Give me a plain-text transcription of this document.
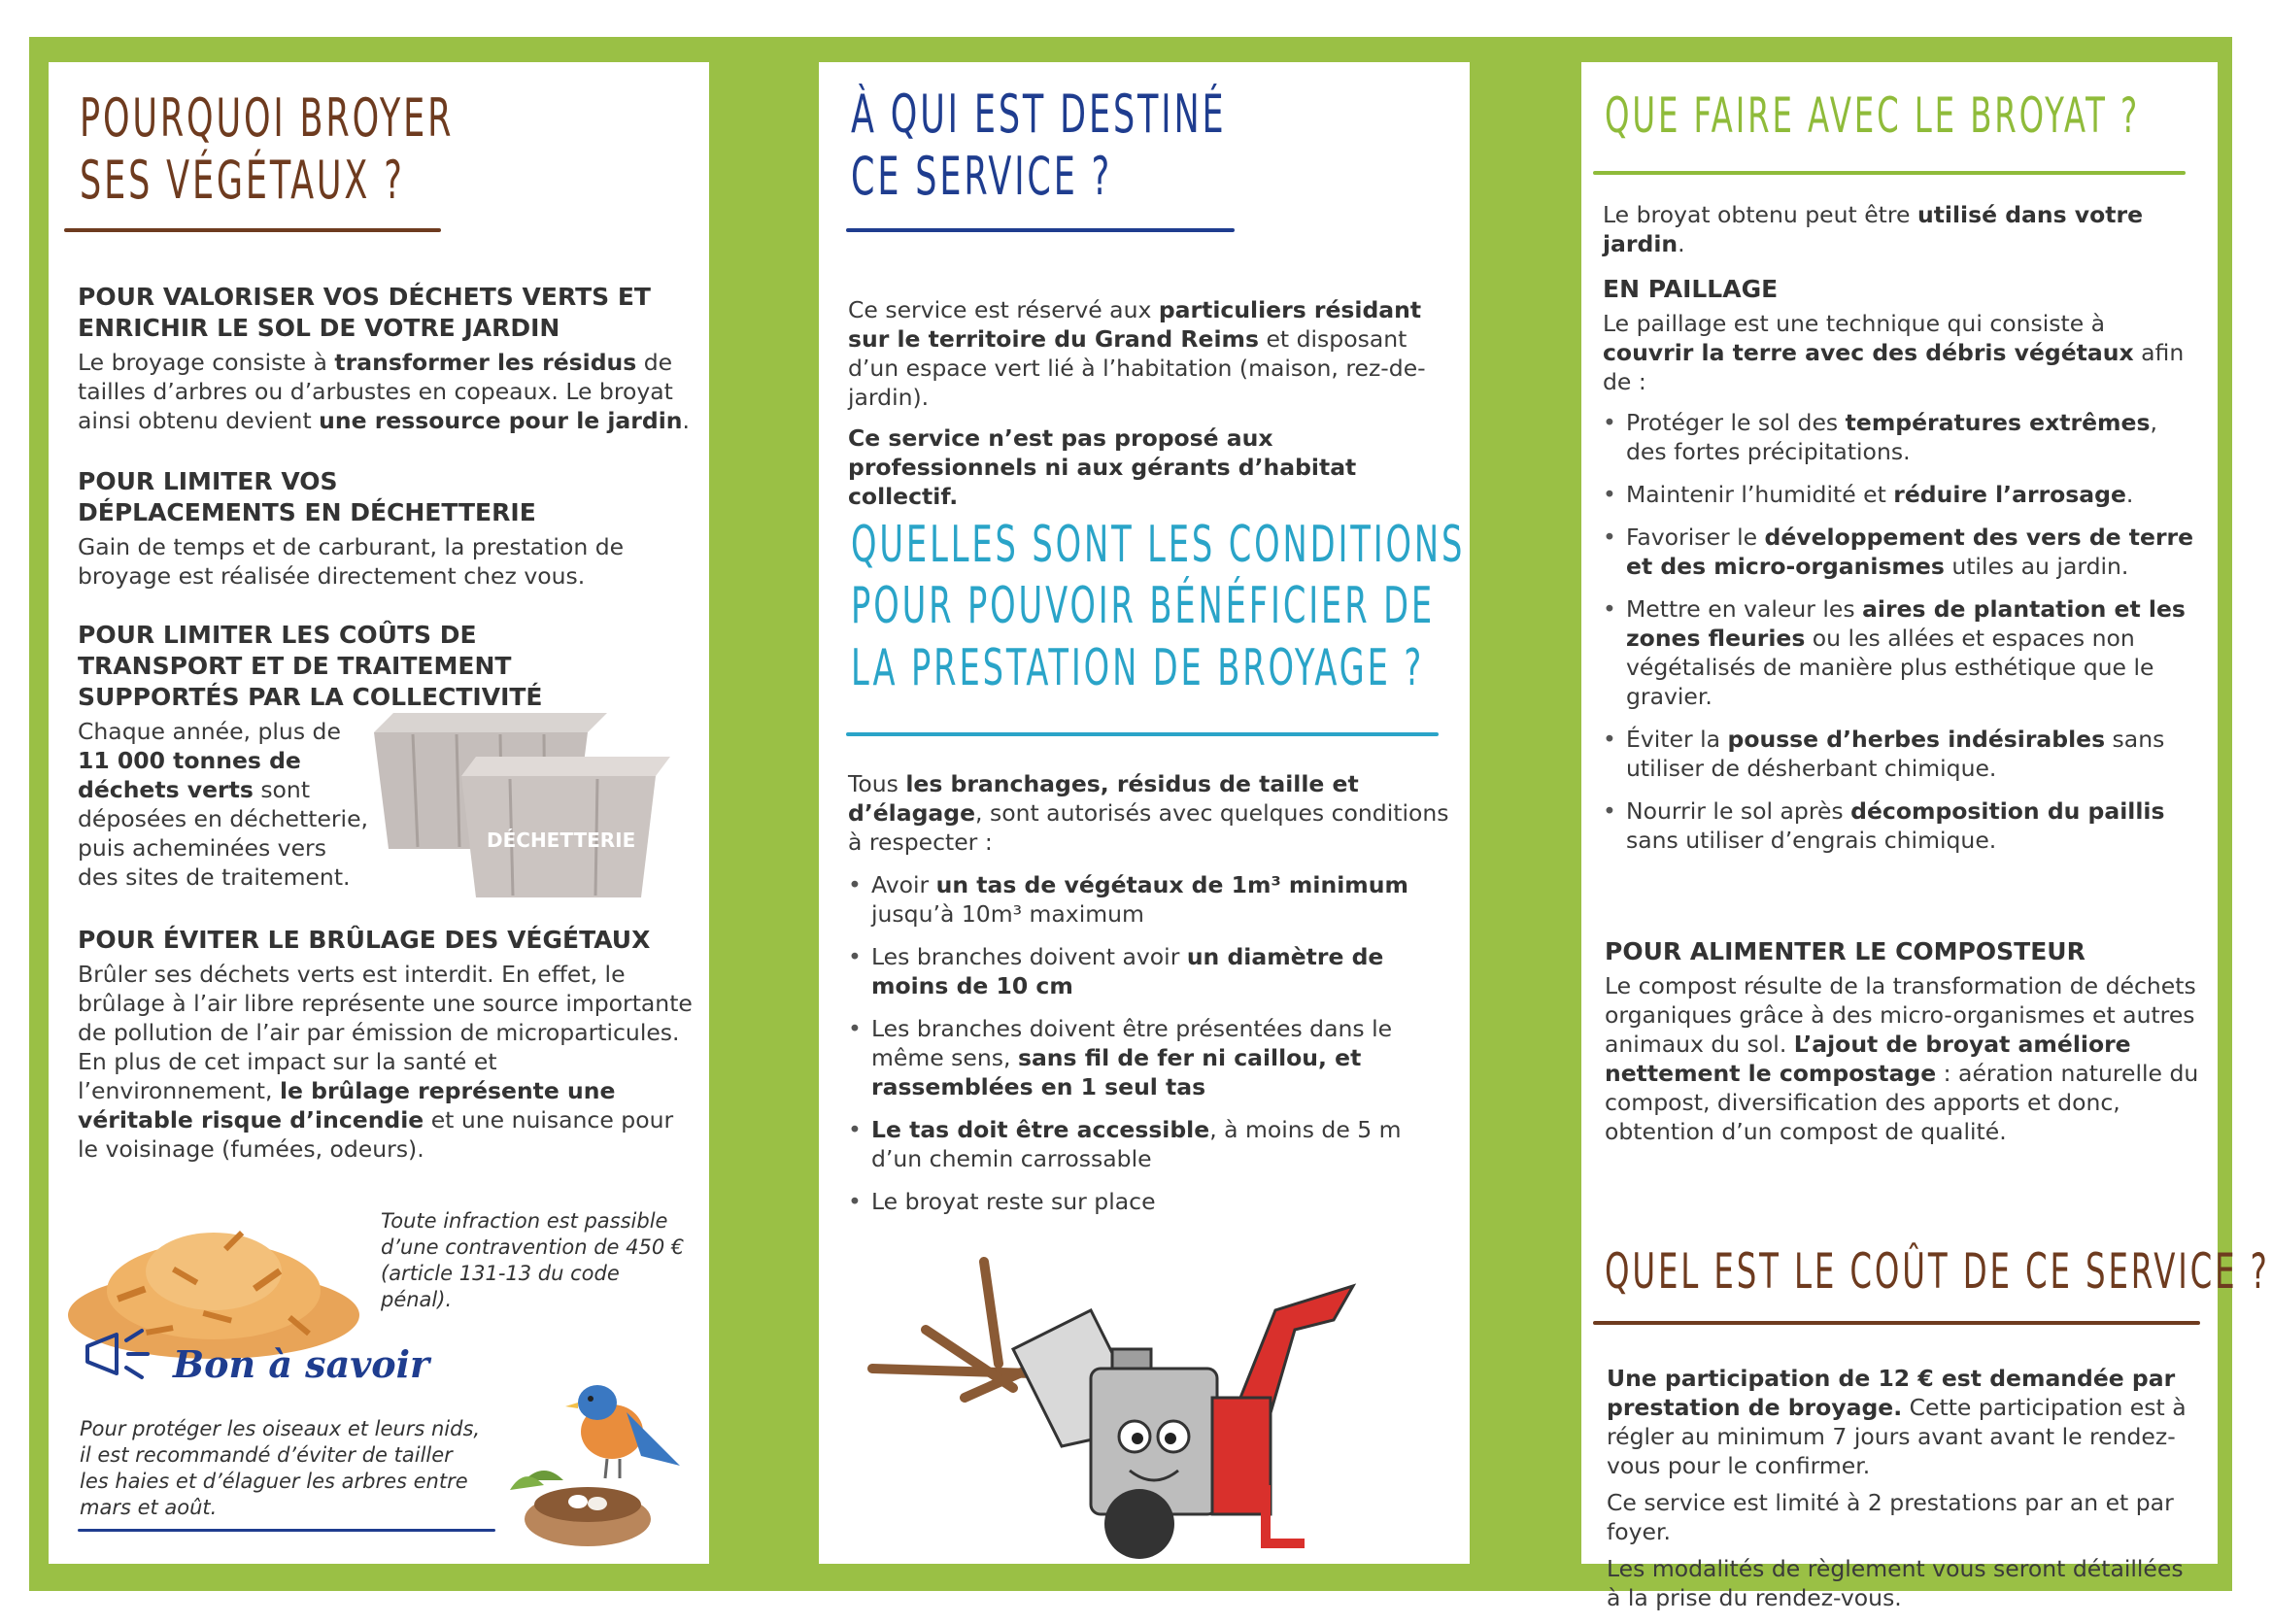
POURQUOI BROYER
SES VÉGÉTAUX ?
POUR VALORISER VOS DÉCHETS VERTS ET ENRICHIR LE SOL DE VOTRE JARDIN

Le broyage consiste à transformer les résidus de tailles d’arbres ou d’arbustes en copeaux. Le broyat ainsi obtenu devient une ressource pour le jardin.

POUR LIMITER VOS DÉPLACEMENTS EN DÉCHETTERIE

Gain de temps et de carburant, la prestation de broyage est réalisée directement chez vous.

POUR LIMITER LES COÛTS DE TRANSPORT ET DE TRAITEMENT SUPPORTÉS PAR LA COLLECTIVITÉ

Chaque année, plus de 11 000 tonnes de déchets verts sont déposées en déchetterie, puis acheminées vers des sites de traitement.

DÉCHETTERIE
POUR ÉVITER LE BRÛLAGE DES VÉGÉTAUX

Brûler ses déchets verts est interdit. En effet, le brûlage à l’air libre représente une source importante de pollution de l’air par émission de microparticules. En plus de cet impact sur la santé et l’environnement, le brûlage représente une véritable risque d’incendie et une nuisance pour le voisinage (fumées, odeurs).

Toute infraction est passible d’une contravention de 450 € (article 131-13 du code pénal).
Bon à savoir
Pour protéger les oiseaux et leurs nids, il est recommandé d’éviter de tailler les haies et d’élaguer les arbres entre mars et août.
À QUI EST DESTINÉ
CE SERVICE ?

Ce service est réservé aux particuliers résidant sur le territoire du Grand Reims et disposant d’un espace vert lié à l’habitation (maison, rez-de-jardin).

Ce service n’est pas proposé aux professionnels ni aux gérants d’habitat collectif.

QUELLES SONT LES CONDITIONS
POUR POUVOIR BÉNÉFICIER DE
LA PRESTATION DE BROYAGE ?

Tous les branchages, résidus de taille et d’élagage, sont autorisés avec quelques conditions à respecter :

• Avoir un tas de végétaux de 1m³ minimum jusqu’à 10m³ maximum
• Les branches doivent avoir un diamètre de moins de 10 cm
• Les branches doivent être présentées dans le même sens, sans fil de fer ni caillou, et rassemblées en 1 seul tas
• Le tas doit être accessible, à moins de 5 m d’un chemin carrossable
• Le broyat reste sur place
QUE FAIRE AVEC LE BROYAT ?

Le broyat obtenu peut être utilisé dans votre jardin.

EN PAILLAGE

Le paillage est une technique qui consiste à couvrir la terre avec des débris végétaux afin de :

• Protéger le sol des températures extrêmes, des fortes précipitations.
• Maintenir l’humidité et réduire l’arrosage.
• Favoriser le développement des vers de terre et des micro-organismes utiles au jardin.
• Mettre en valeur les aires de plantation et les zones fleuries ou les allées et espaces non végétalisés de manière plus esthétique que le gravier.
• Éviter la pousse d’herbes indésirables sans utiliser de désherbant chimique.
• Nourrir le sol après décomposition du paillis sans utiliser d’engrais chimique.
POUR ALIMENTER LE COMPOSTEUR

Le compost résulte de la transformation de déchets organiques grâce à des micro-organismes et autres animaux du sol. L’ajout de broyat améliore nettement le compostage : aération naturelle du compost, diversification des apports et donc, obtention d’un compost de qualité.

QUEL EST LE COÛT DE CE SERVICE ?

Une participation de 12 € est demandée par prestation de broyage. Cette participation est à régler au minimum 7 jours avant avant le rendez-vous pour le confirmer.

Ce service est limité à 2 prestations par an et par foyer.

Les modalités de règlement vous seront détaillées à la prise du rendez-vous.
